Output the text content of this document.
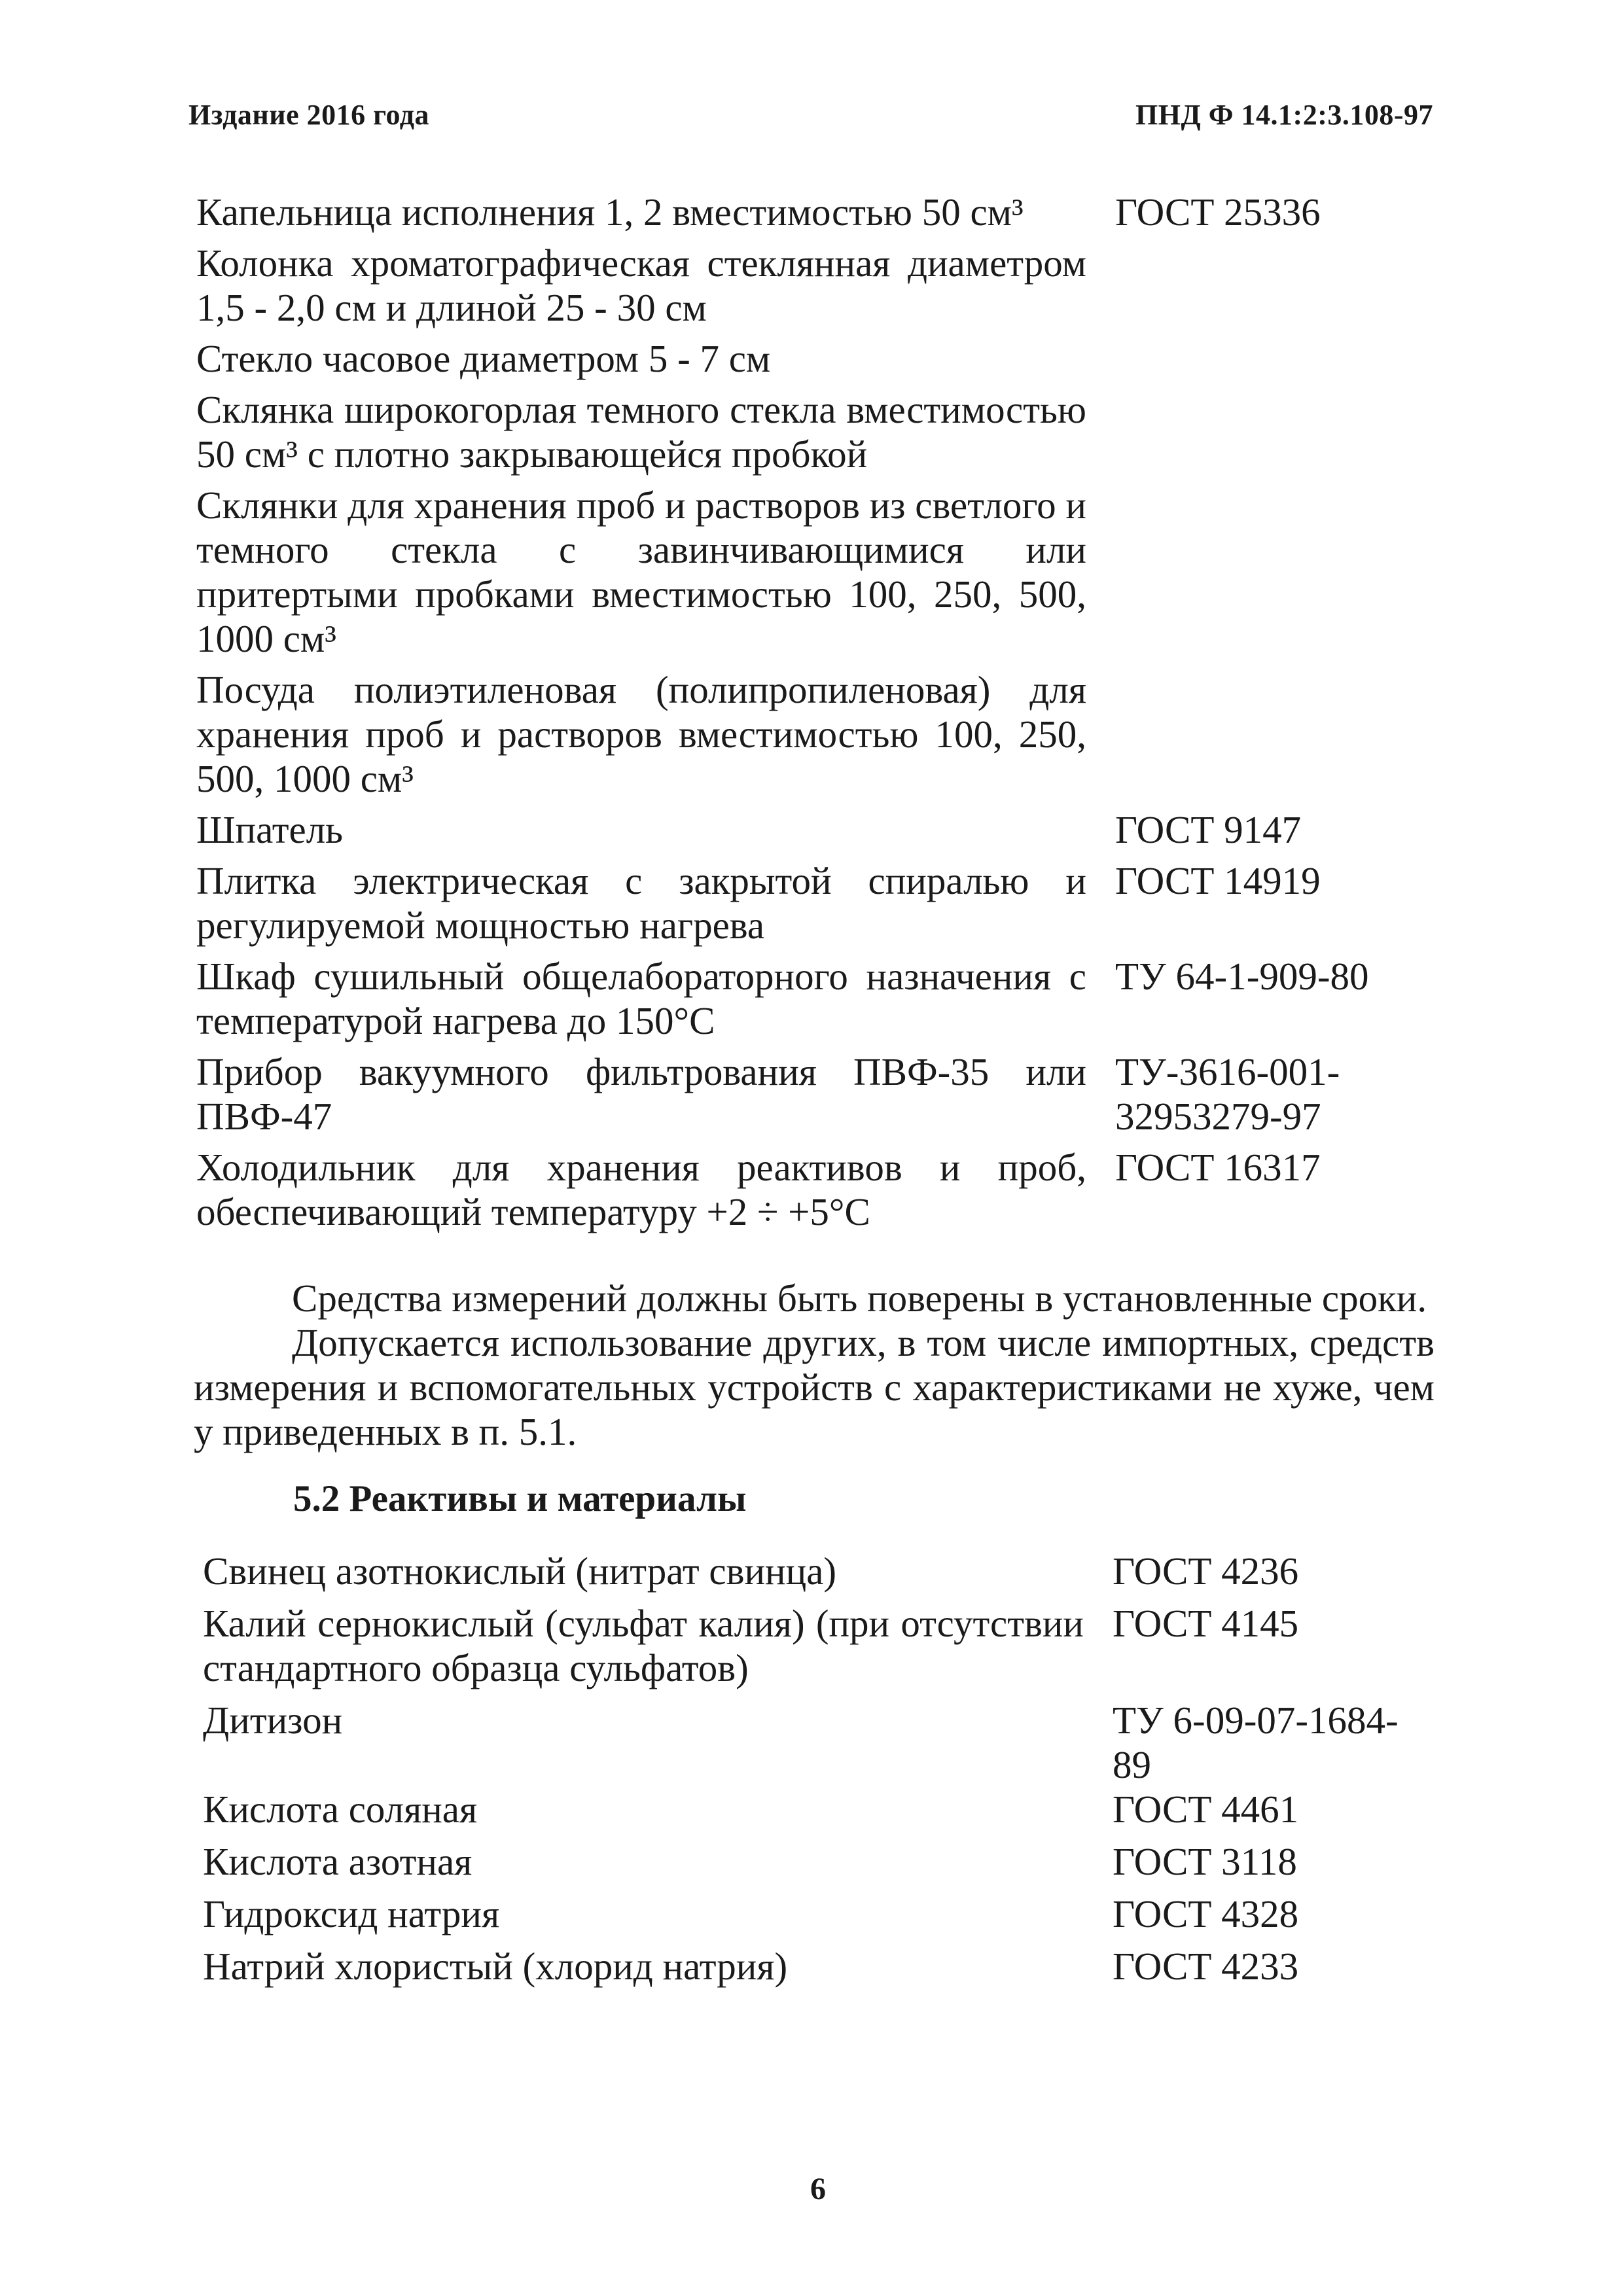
Издание 2016 года	ПНД Ф 14.1:2:3.108-97
Капельница исполнения 1, 2 вместимостью 50 см³	ГОСТ 25336
Колонка хроматографическая стеклянная диаметром 1,5 - 2,0 см и длиной 25 - 30 см	
Стекло часовое диаметром 5 - 7 см	
Склянка широкогорлая темного стекла вместимостью 50 см³ с плотно закрывающейся пробкой	
Склянки для хранения проб и растворов из светлого и темного стекла с завинчивающимися или притертыми пробками вместимостью 100, 250, 500, 1000 см³	
Посуда полиэтиленовая (полипропиленовая) для хранения проб и растворов вместимостью 100, 250, 500, 1000 см³	
Шпатель	ГОСТ 9147
Плитка электрическая с закрытой спиралью и регулируемой мощностью нагрева	ГОСТ 14919
Шкаф сушильный общелабораторного назначения с температурой нагрева до 150°C	ТУ 64-1-909-80
Прибор вакуумного фильтрования ПВФ-35 или ПВФ-47	ТУ-3616-001-
32953279-97
Холодильник для хранения реактивов и проб, обеспечивающий температуру +2 ÷ +5°C	ГОСТ 16317

Средства измерений должны быть поверены в установленные сроки.

Допускается использование других, в том числе импортных, средств измерения и вспомогательных устройств с характеристиками не хуже, чем у приведенных в п. 5.1.

5.2 Реактивы и материалы
Свинец азотнокислый (нитрат свинца)	ГОСТ 4236
Калий сернокислый (сульфат калия) (при отсутствии стандартного образца сульфатов)	ГОСТ 4145
Дитизон	ТУ 6-09-07-1684-
89
Кислота соляная	ГОСТ 4461
Кислота азотная	ГОСТ 3118
Гидроксид натрия	ГОСТ 4328
Натрий хлористый (хлорид натрия)	ГОСТ 4233
6
